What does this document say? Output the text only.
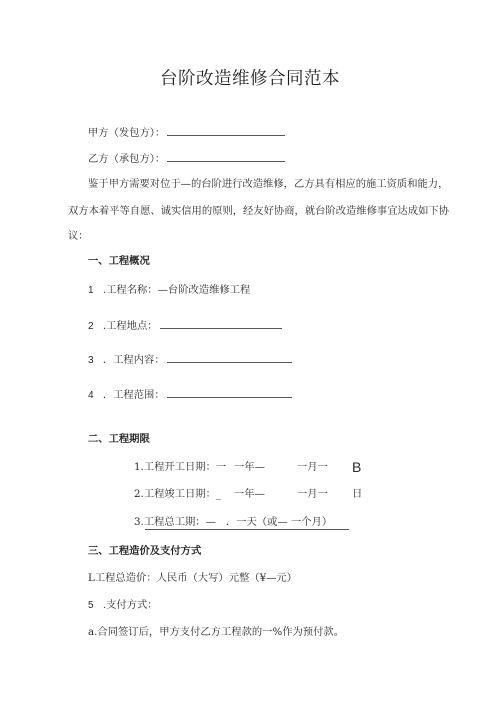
台阶改造维修合同范本
甲方（发包方）：
乙方（承包方）：
鉴于甲方需要对位于—的台阶进行改造维修，乙方具有相应的施工资质和能力，
双方本着平等自愿、诚实信用的原则，经友好协商，就台阶改造维修事宜达成如下协
议：
一、工程概况
1 .工程名称：—台阶改造维修工程
2 .工程地点：
3 ．工程内容：
4 ．工程范围：
二、工程期限
1.工程开工日期：一 一年—	一月一 B
2.工程竣工日期：_ 一年—	一月一 日
3.工程总工期：— ．一天（或— 一个月）
三、工程造价及支付方式
L工程总造价：人民币（大写）元整（¥—元）
5 .支付方式：
a.合同签订后，甲方支付乙方工程款的一%作为预付款。
